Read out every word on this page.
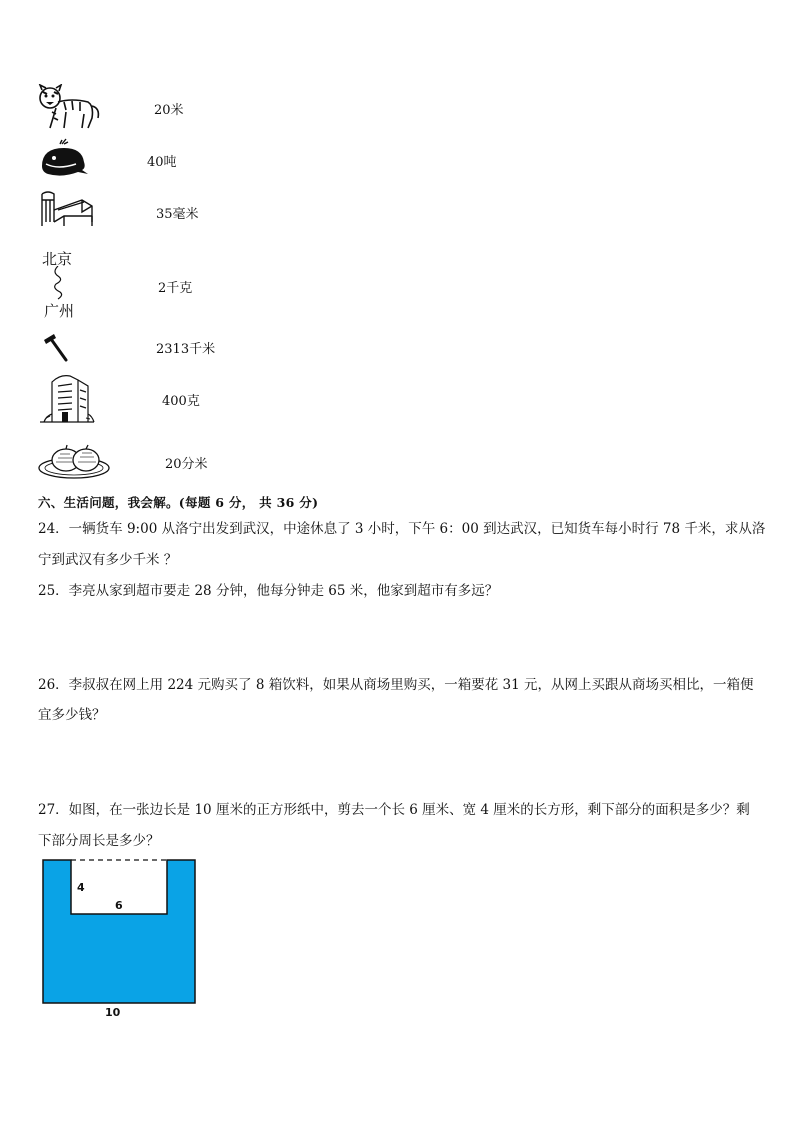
20米
40吨
35毫米
北京
广州
2千克
2313千米
400克
20分米
六、生活问题，我会解。(每题 6 分， 共 36 分)
24．一辆货车 9:00 从洛宁出发到武汉，中途休息了 3 小时，下午 6：00 到达武汉，已知货车每小时行 78 千米，求从洛
宁到武汉有多少千米 ？
25．李亮从家到超市要走 28 分钟，他每分钟走 65 米，他家到超市有多远？
26．李叔叔在网上用 224 元购买了 8 箱饮料，如果从商场里购买，一箱要花 31 元，从网上买跟从商场买相比，一箱便
宜多少钱？
27．如图，在一张边长是 10 厘米的正方形纸中，剪去一个长 6 厘米、宽 4 厘米的长方形，剩下部分的面积是多少？剩
下部分周长是多少？
4
6
10
